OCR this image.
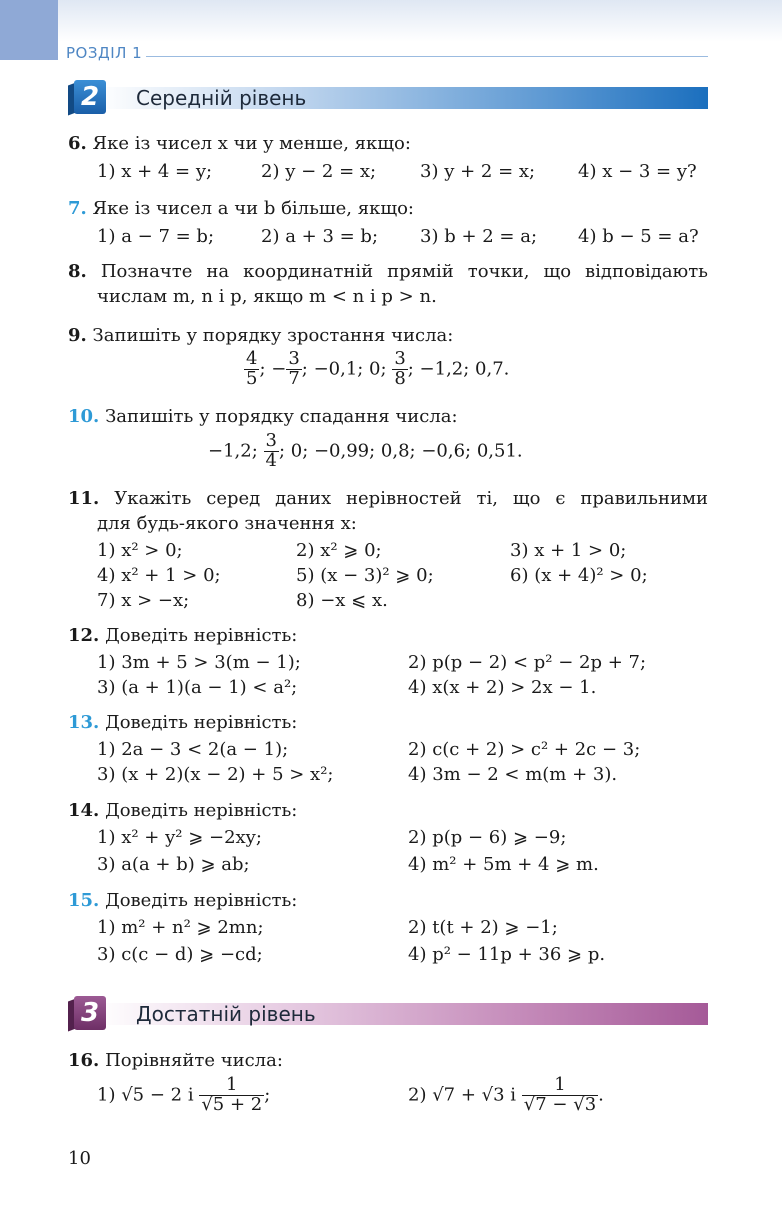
РОЗДІЛ 1
2	Середній рівень
6. Яке із чисел x чи y менше, якщо:
1) x + 4 = y;	2) y − 2 = x; 3) y + 2 = x; 4) x − 3 = y?
7. Яке із чисел a чи b більше, якщо:
1) a − 7 = b;	2) a + 3 = b; 3) b + 2 = a; 4) b − 5 = a?
8. Позначте на координатній прямій точки, що відповідають
числам m, n і p, якщо m < n і p > n.
9. Запишіть у порядку зростання числа:
$\frac{4}{5}$ ; − $\frac{3}{7}$ ; −0,1; 0; $\frac{3}{8}$ ; −1,2; 0,7.
10. Запишіть у порядку спадання числа:
−1,2; $\frac{3}{4}$ ; 0; −0,99; 0,8; −0,6; 0,51.
11. Укажіть серед даних нерівностей ті, що є правильними
для будь-якого значення x:
1) x² > 0;	2) x² ⩾ 0;	3) x + 1 > 0;
4) x² + 1 > 0;	5) (x − 3)² ⩾ 0;	6) (x + 4)² > 0;
7) x > −x;	8) −x ⩽ x.
12. Доведіть нерівність:
1) 3m + 5 > 3(m − 1);	2) p(p − 2) < p² − 2p + 7;
3) (a + 1)(a − 1) < a²;	4) x(x + 2) > 2x − 1.
13. Доведіть нерівність:
1) 2a − 3 < 2(a − 1);	2) c(c + 2) > c² + 2c − 3;
3) (x + 2)(x − 2) + 5 > x²;	4) 3m − 2 < m(m + 3).
14. Доведіть нерівність:
1) x² + y² ⩾ −2xy;	2) p(p − 6) ⩾ −9;
3) a(a + b) ⩾ ab;	4) m² + 5m + 4 ⩾ m.
15. Доведіть нерівність:
1) m² + n² ⩾ 2mn;	2) t(t + 2) ⩾ −1;
3) c(c − d) ⩾ −cd;	4) p² − 11p + 36 ⩾ p.
3	Достатній рівень
16. Порівняйте числа:
1) √5 − 2 і $\frac{1}{√5 + 2}$ ;	2) √7 + √3 і $\frac{1}{√7 - √3}$ .
10
